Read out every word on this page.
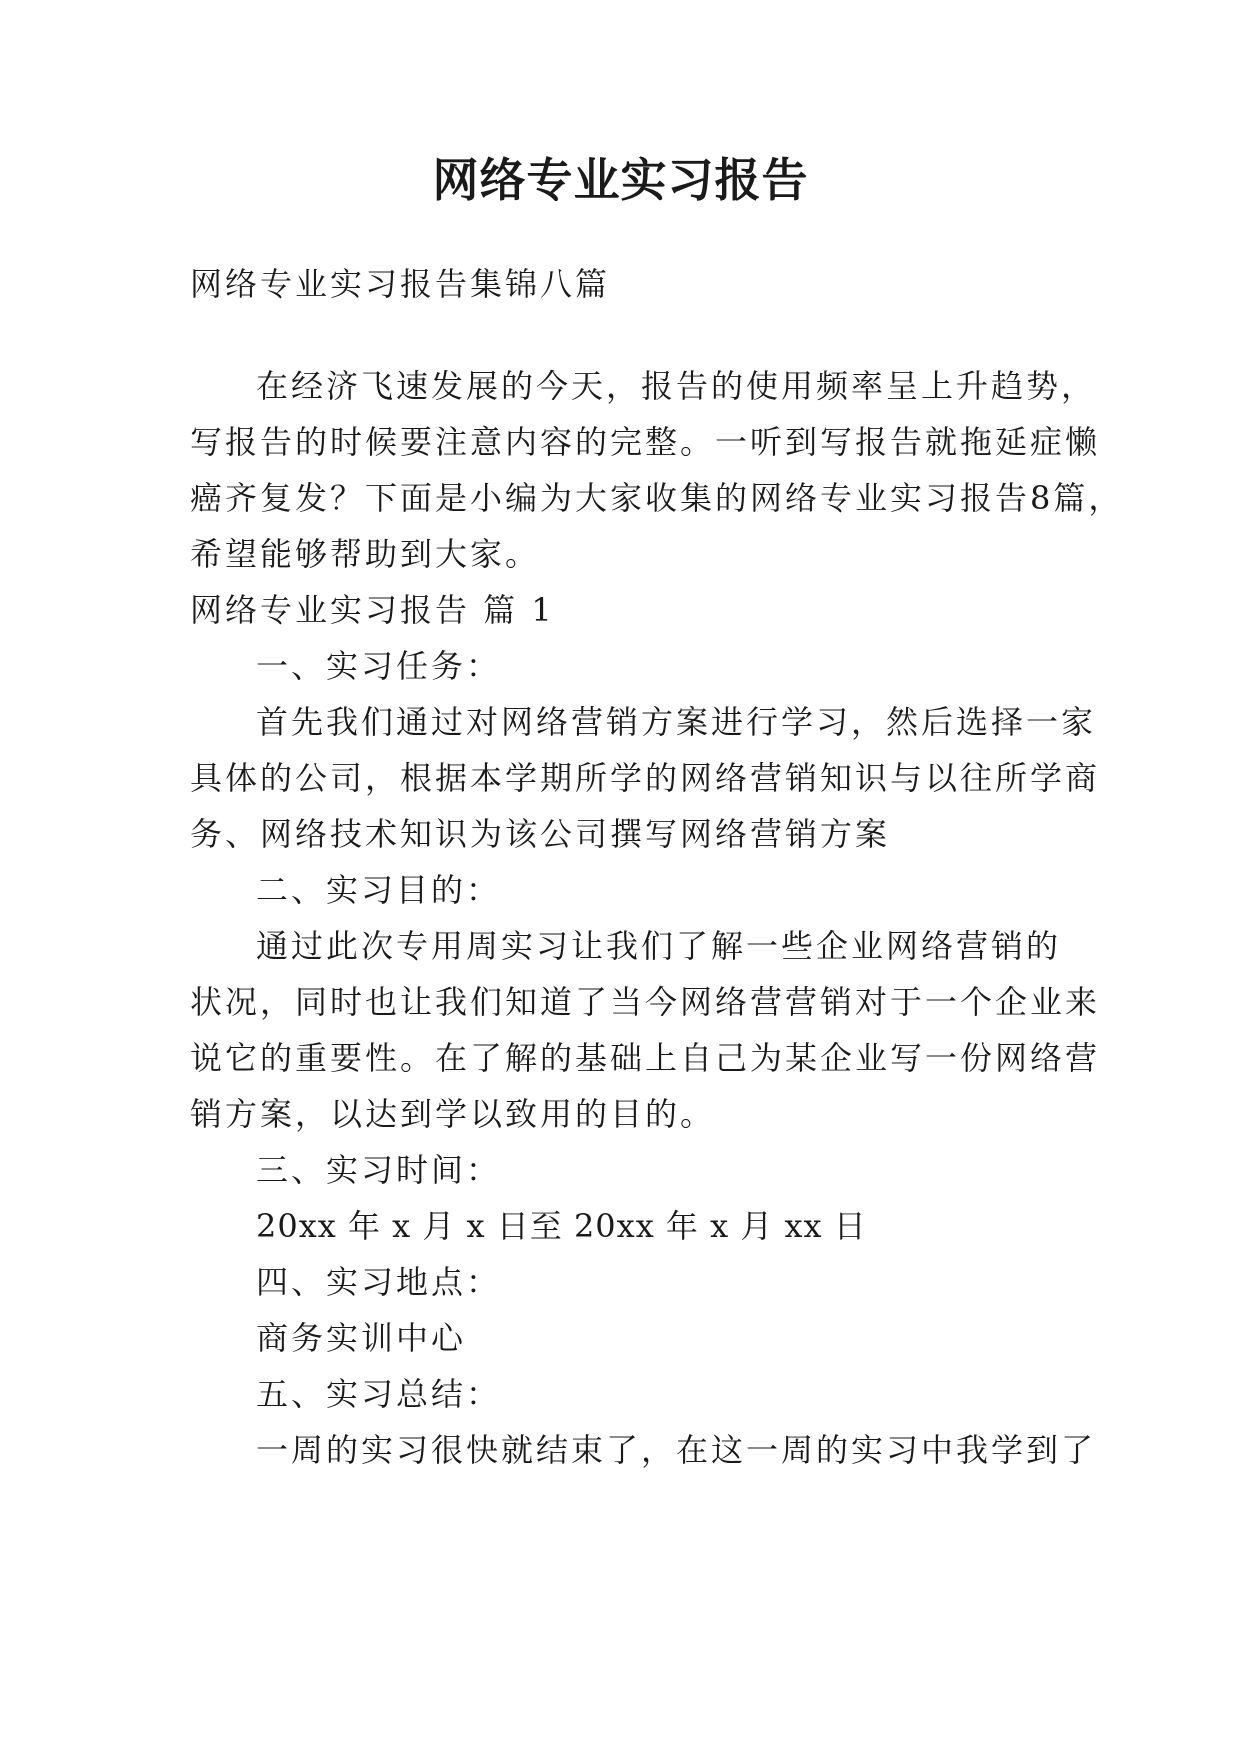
网络专业实习报告
网络专业实习报告集锦八篇
在经济飞速发展的今天，报告的使用频率呈上升趋势，
写报告的时候要注意内容的完整。一听到写报告就拖延症懒
癌齐复发？下面是小编为大家收集的网络专业实习报告8篇，
希望能够帮助到大家。
网络专业实习报告 篇 1
一、实习任务：
首先我们通过对网络营销方案进行学习，然后选择一家
具体的公司，根据本学期所学的网络营销知识与以往所学商
务、网络技术知识为该公司撰写网络营销方案
二、实习目的：
通过此次专用周实习让我们了解一些企业网络营销的
状况，同时也让我们知道了当今网络营营销对于一个企业来
说它的重要性。在了解的基础上自己为某企业写一份网络营
销方案，以达到学以致用的目的。
三、实习时间：
20xx 年 x 月 x 日至 20xx 年 x 月 xx 日
四、实习地点：
商务实训中心
五、实习总结：
一周的实习很快就结束了，在这一周的实习中我学到了
